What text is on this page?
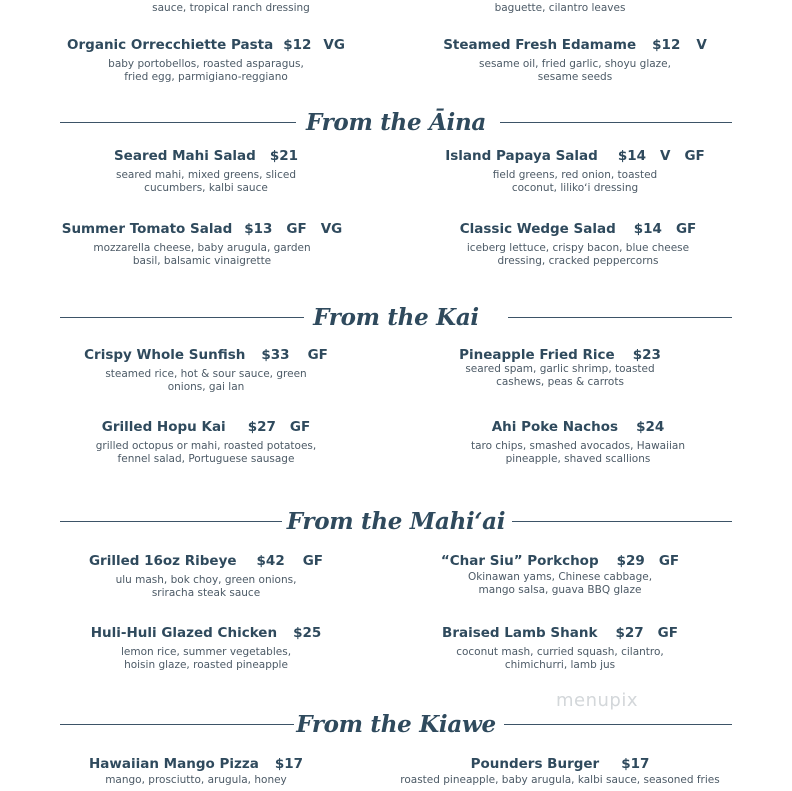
sauce, tropical ranch dressing	baguette, cilantro leaves
Organic Orrecchiette Pasta $12 VG
baby portobellos, roasted asparagus,
fried egg, parmigiano-reggiano
Steamed Fresh Edamame $12 V
sesame oil, fried garlic, shoyu glaze,
sesame seeds
From the Āina
Seared Mahi Salad $21
seared mahi, mixed greens, sliced
cucumbers, kalbi sauce
Island Papaya Salad $14 V GF
field greens, red onion, toasted
coconut, lilikoʻi dressing
Summer Tomato Salad $13 GF VG
mozzarella cheese, baby arugula, garden
basil, balsamic vinaigrette
Classic Wedge Salad $14 GF
iceberg lettuce, crispy bacon, blue cheese
dressing, cracked peppercorns
From the Kai
Crispy Whole Sunfish $33 GF
steamed rice, hot & sour sauce, green
onions, gai lan
Pineapple Fried Rice $23
seared spam, garlic shrimp, toasted
cashews, peas & carrots
Grilled Hopu Kai $27 GF
grilled octopus or mahi, roasted potatoes,
fennel salad, Portuguese sausage
Ahi Poke Nachos $24
taro chips, smashed avocados, Hawaiian
pineapple, shaved scallions
From the Mahiʻai
Grilled 16oz Ribeye $42 GF
ulu mash, bok choy, green onions,
sriracha steak sauce
“Char Siu” Porkchop $29 GF
Okinawan yams, Chinese cabbage,
mango salsa, guava BBQ glaze
Huli-Huli Glazed Chicken $25
lemon rice, summer vegetables,
hoisin glaze, roasted pineapple
Braised Lamb Shank $27 GF
coconut mash, curried squash, cilantro,
chimichurri, lamb jus
menupix
From the Kiawe
Hawaiian Mango Pizza $17
mango, prosciutto, arugula, honey
Pounders Burger $17
roasted pineapple, baby arugula, kalbi sauce, seasoned fries
